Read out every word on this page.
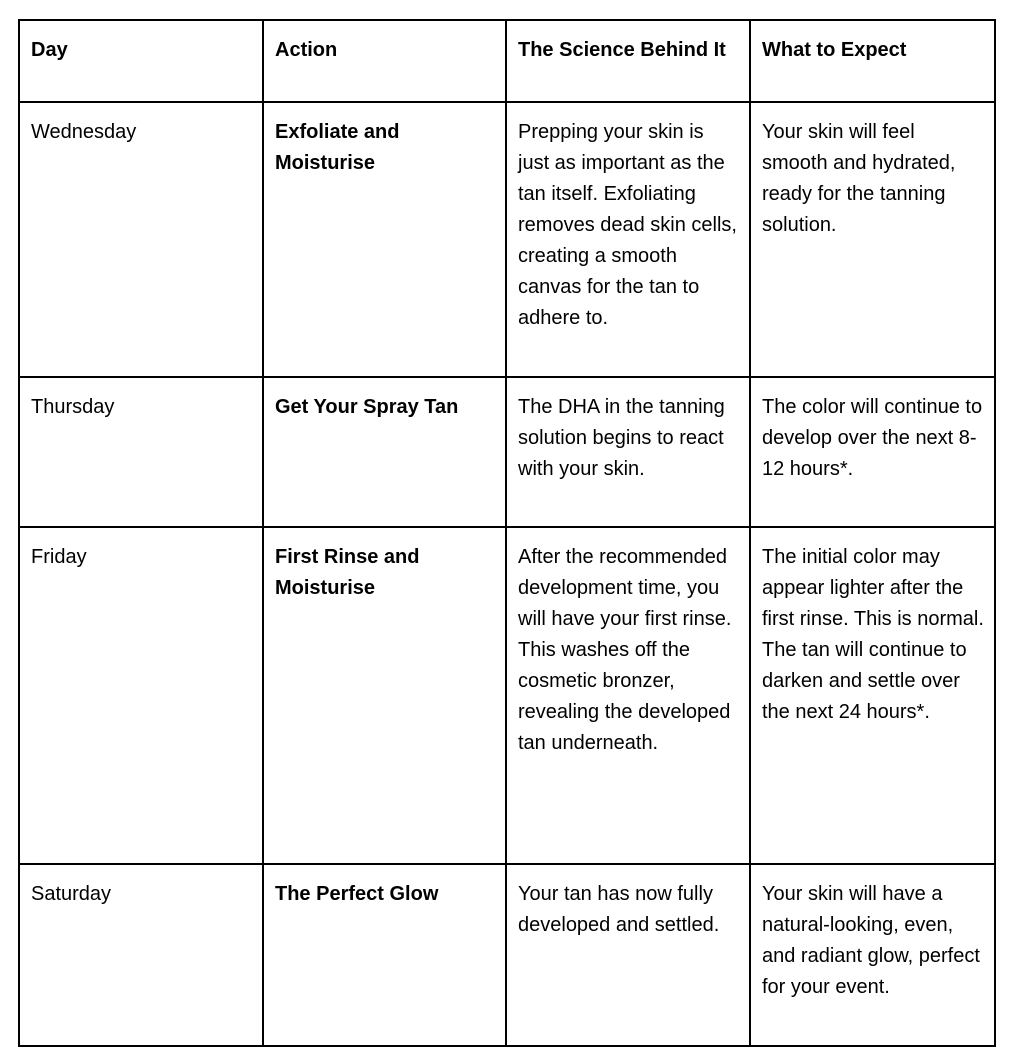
Day	Action	The Science Behind It	What to Expect
Wednesday	Exfoliate and Moisturise	Prepping your skin is just as important as the tan itself. Exfoliating removes dead skin cells, creating a smooth canvas for the tan to adhere to.	Your skin will feel smooth and hydrated, ready for the tanning solution.
Thursday	Get Your Spray Tan	The DHA in the tanning solution begins to react with your skin.	The color will continue to develop over the next 8-12 hours*.
Friday	First Rinse and Moisturise	After the recommended development time, you will have your first rinse. This washes off the cosmetic bronzer, revealing the developed tan underneath.	The initial color may appear lighter after the first rinse. This is normal. The tan will continue to darken and settle over the next 24 hours*.
Saturday	The Perfect Glow	Your tan has now fully developed and settled.	Your skin will have a natural-looking, even, and radiant glow, perfect for your event.
